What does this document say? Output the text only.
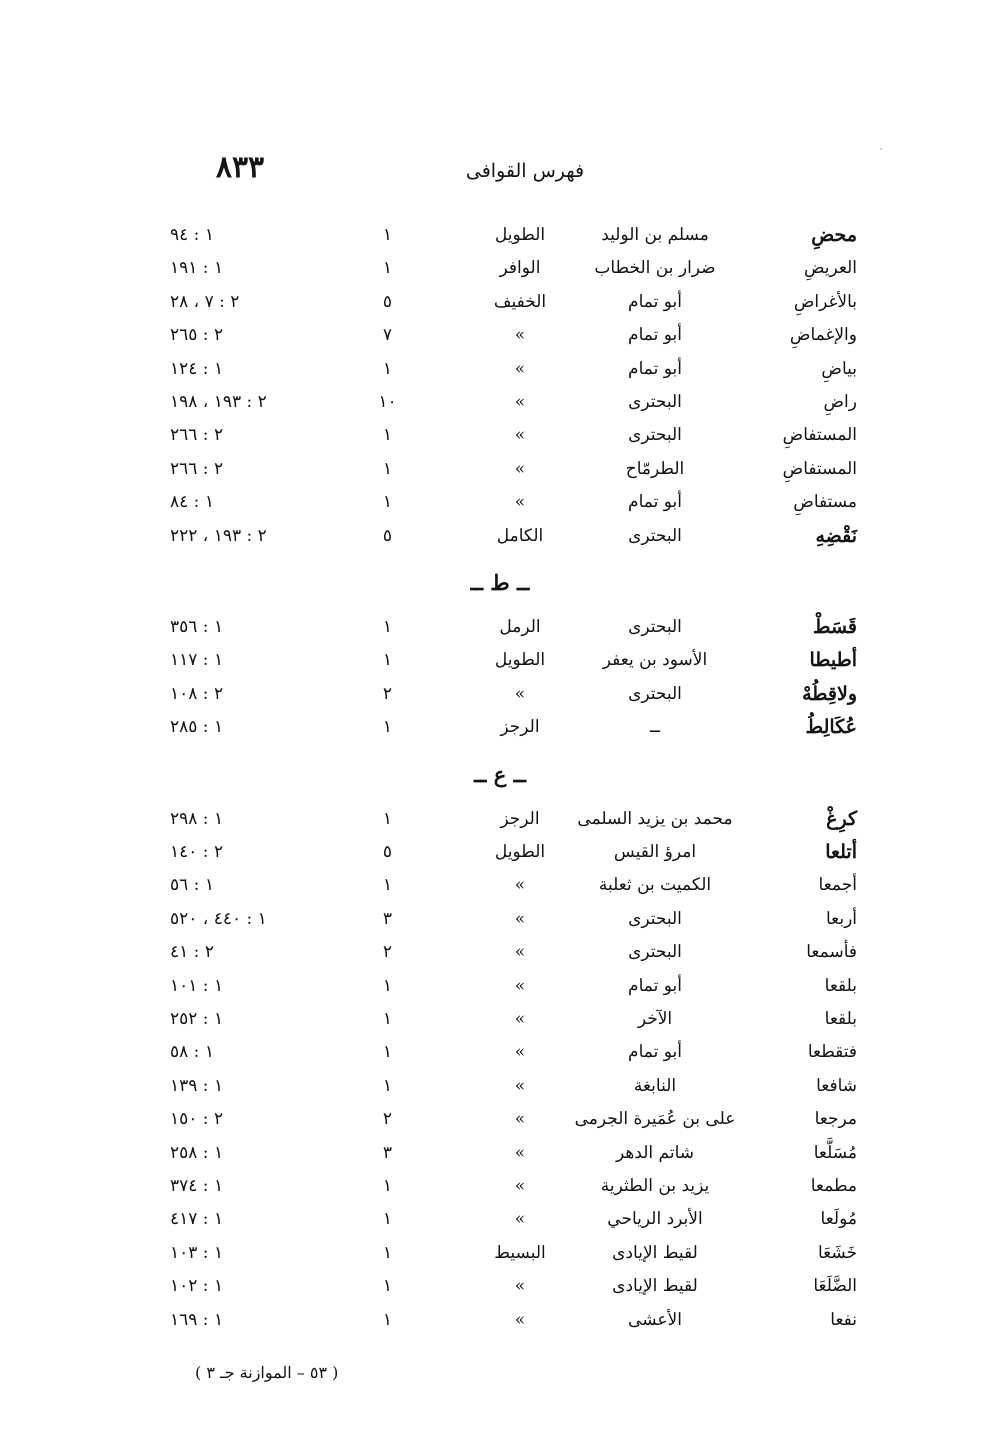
فهرس القوافى
٨٣٣
محضِ
مسلم بن الوليد
الطويل
١
١ : ٩٤
العريضِ
ضرار بن الخطاب
الوافر
١
١ : ١٩١
بالأغراضِ
أبو تمام
الخفيف
٥
٢ : ٧ ، ٢٨
والإغماضِ
أبو تمام
»
٧
٢ : ٢٦٥
بياضِ
أبو تمام
»
١
١ : ١٢٤
راضِ
البحترى
»
١٠
٢ : ١٩٣ ، ١٩٨
المستفاضِ
البحترى
»
١
٢ : ٢٦٦
المستفاضِ
الطرمّاح
»
١
٢ : ٢٦٦
مستفاضِ
أبو تمام
»
١
١ : ٨٤
نَقْضِهِ
البحترى
الكامل
٥
٢ : ١٩٣ ، ٢٢٢
ــ ط ــ
قَسَطْ
البحترى
الرمل
١
١ : ٣٥٦
أطيطا
الأسود بن يعفر
الطويل
١
١ : ١١٧
ولاقِطُهْ
البحترى
»
٢
٢ : ١٠٨
عُكَالِطُ
ــ
الرجز
١
١ : ٢٨٥
ــ ع ــ
كرِغْ
محمد بن يزيد السلمى
الرجز
١
١ : ٢٩٨
أتلعا
امرؤ القيس
الطويل
٥
٢ : ١٤٠
أجمعا
الكميت بن ثعلبة
»
١
١ : ٥٦
أربعا
البحترى
»
٣
١ : ٤٤٠ ، ٥٢٠
فأسمعا
البحترى
»
٢
٢ : ٤١
بلقعا
أبو تمام
»
١
١ : ١٠١
بلقعا
الآخر
»
١
١ : ٢٥٢
فتقطعا
أبو تمام
»
١
١ : ٥٨
شافعا
النابغة
»
١
١ : ١٣٩
مرجعا
على بن عُمَيرة الجرمى
»
٢
٢ : ١٥٠
مُسَلَّعا
شاتم الدهر
»
٣
١ : ٢٥٨
مطمعا
يزيد بن الطثرية
»
١
١ : ٣٧٤
مُولَعا
الأبرد الرياحي
»
١
١ : ٤١٧
خَشَعَا
لقيط الإيادى
البسيط
١
١ : ١٠٣
الضَّلَعَا
لقيط الإيادى
»
١
١ : ١٠٢
نفعا
الأعشى
»
١
١ : ١٦٩
( ٥٣ – الموازنة جـ ٣ )
